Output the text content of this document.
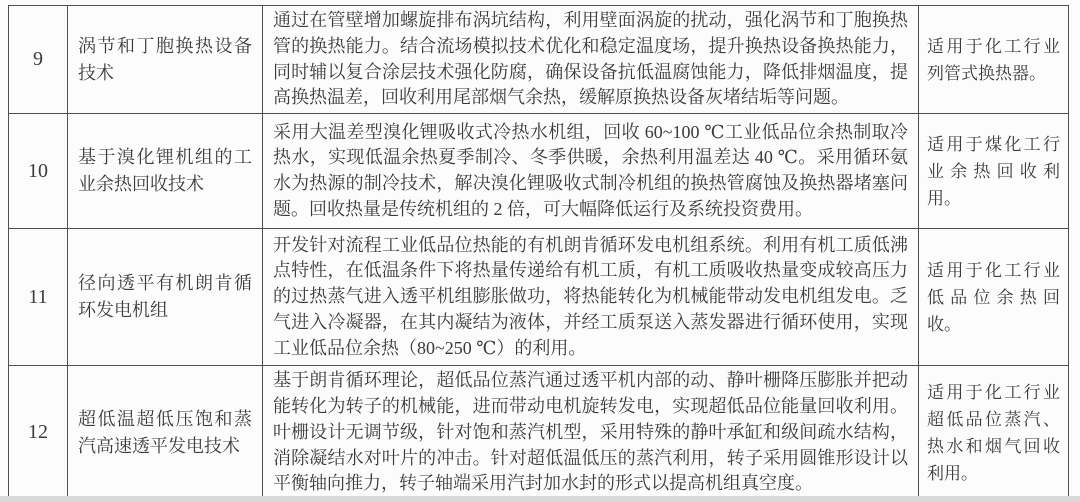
9	涡节和丁胞换热设备技术	通过在管壁增加螺旋排布涡坑结构，利用壁面涡旋的扰动，强化涡节和丁胞换热管的换热能力。结合流场模拟技术优化和稳定温度场，提升换热设备换热能力，同时辅以复合涂层技术强化防腐，确保设备抗低温腐蚀能力，降低排烟温度，提高换热温差，回收利用尾部烟气余热，缓解原换热设备灰堵结垢等问题。	适用于化工行业列管式换热器。
10	基于溴化锂机组的工业余热回收技术	采用大温差型溴化锂吸收式冷热水机组，回收 60~100 ℃工业低品位余热制取冷热水，实现低温余热夏季制冷、冬季供暖，余热利用温差达 40 ℃。采用循环氨水为热源的制冷技术，解决溴化锂吸收式制冷机组的换热管腐蚀及换热器堵塞问题。回收热量是传统机组的 2 倍，可大幅降低运行及系统投资费用。	适用于煤化工行业余热回收利用。
11	径向透平有机朗肯循环发电机组	开发针对流程工业低品位热能的有机朗肯循环发电机组系统。利用有机工质低沸点特性，在低温条件下将热量传递给有机工质，有机工质吸收热量变成较高压力的过热蒸气进入透平机组膨胀做功，将热能转化为机械能带动发电机组发电。乏气进入冷凝器，在其内凝结为液体，并经工质泵送入蒸发器进行循环使用，实现工业低品位余热（80~250 ℃）的利用。	适用于化工行业低品位余热回收。
12	超低温超低压饱和蒸汽高速透平发电技术	基于朗肯循环理论，超低品位蒸汽通过透平机内部的动、静叶栅降压膨胀并把动能转化为转子的机械能，进而带动电机旋转发电，实现超低品位能量回收利用。叶栅设计无调节级，针对饱和蒸汽机型，采用特殊的静叶承缸和级间疏水结构，消除凝结水对叶片的冲击。针对超低温低压的蒸汽利用，转子采用圆锥形设计以平衡轴向推力，转子轴端采用汽封加水封的形式以提高机组真空度。	适用于化工行业超低品位蒸汽、热水和烟气回收利用。
